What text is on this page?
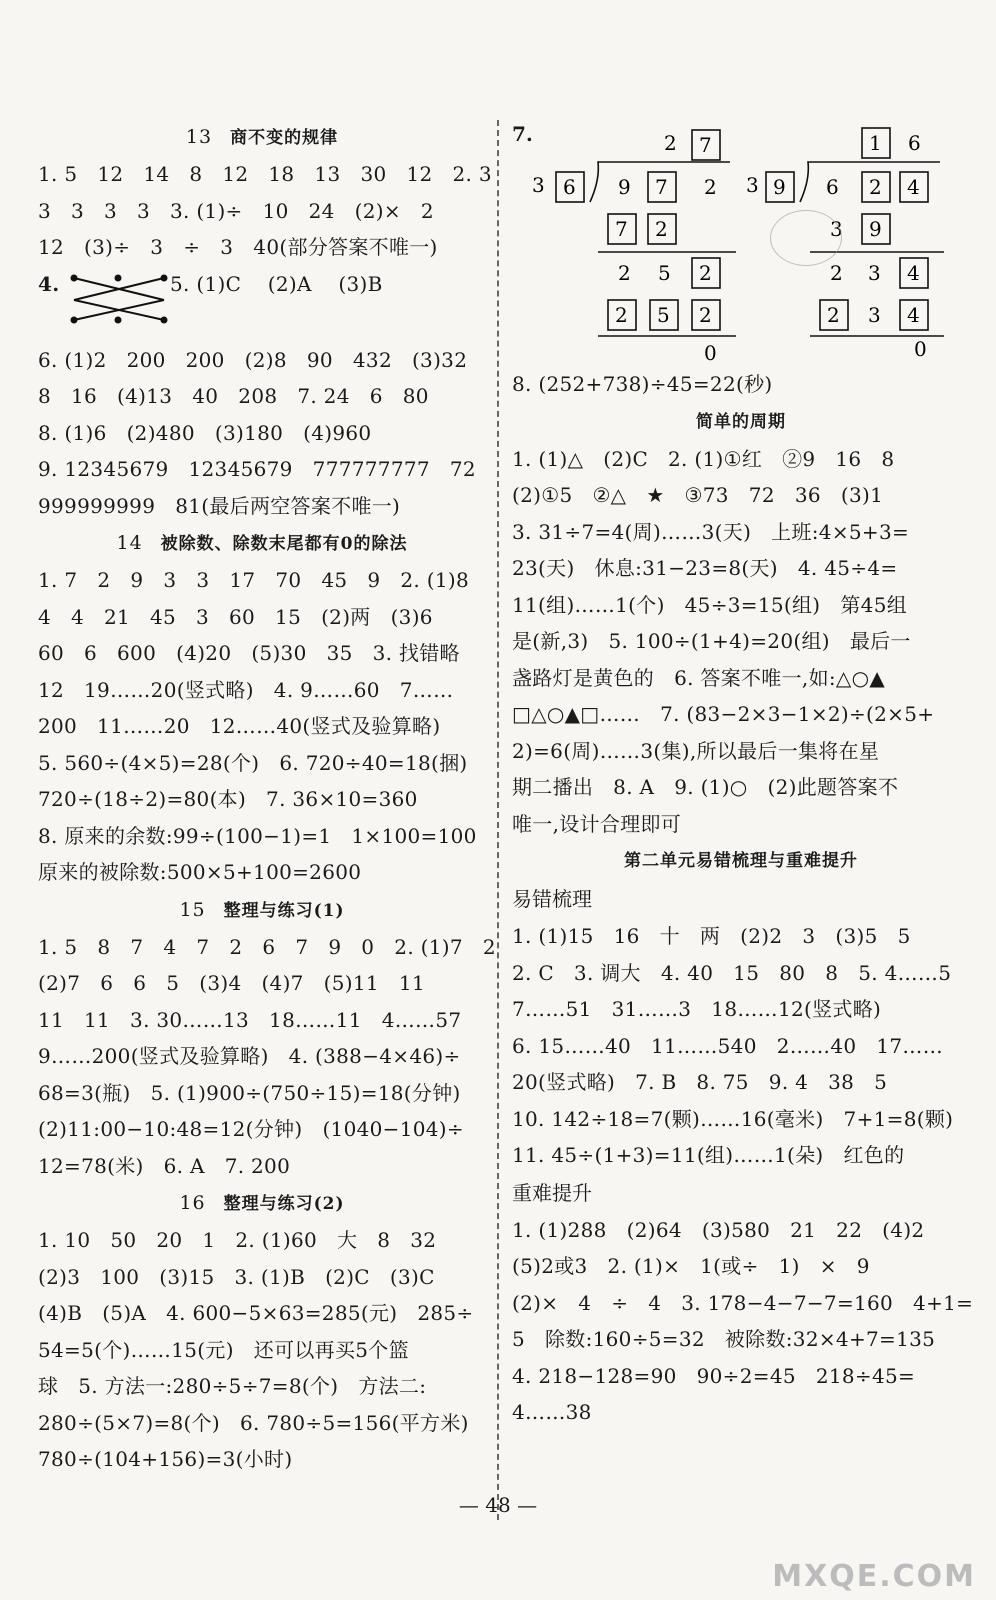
13 商不变的规律
1. 5   12   14   8   12   18   13   30   12   2. 3
3   3   3   3   3. (1)÷   10   24   (2)×   2
12   (3)÷   3   ÷   3   40(部分答案不唯一)

4.

	5. (1)C    (2)A    (3)B

6. (1)2   200   200   (2)8   90   432   (3)32
8   16   (4)13   40   208   7. 24   6   80
8. (1)6   (2)480   (3)180   (4)960
9. 12345679   12345679   777777777   72
999999999   81(最后两空答案不唯一)
14 被除数、除数末尾都有0的除法
1. 7   2   9   3   3   17   70   45   9   2. (1)8
4   4   21   45   3   60   15   (2)两   (3)6
60   6   600   (4)20   (5)30   35   3. 找错略
12   19……20(竖式略)   4. 9……60   7……
200   11……20   12……40(竖式及验算略)
5. 560÷(4×5)=28(个)   6. 720÷40=18(捆)
720÷(18÷2)=80(本)   7. 36×10=360
8. 原来的余数:99÷(100−1)=1   1×100=100
原来的被除数:500×5+100=2600
15 整理与练习(1)
1. 5   8   7   4   7   2   6   7   9   0   2. (1)7   2
(2)7   6   6   5   (3)4   (4)7   (5)11   11
11   11   3. 30……13   18……11   4……57
9……200(竖式及验算略)   4. (388−4×46)÷
68=3(瓶)   5. (1)900÷(750÷15)=18(分钟)
(2)11:00−10:48=12(分钟)   (1040−104)÷
12=78(米)   6. A   7. 200
16 整理与练习(2)
1. 10   50   20   1   2. (1)60   大   8   32
(2)3   100   (3)15   3. (1)B   (2)C   (3)C
(4)B   (5)A   4. 600−5×63=285(元)   285÷
54=5(个)……15(元)   还可以再买5个篮
球   5. 方法一:280÷5÷7=8(个)   方法二:
280÷(5×7)=8(个)   6. 780÷5=156(平方米)
780÷(104+156)=3(小时)
7.	2 7
3 6 9 7 2
7 2
2 5 2
2 5 2
0
1 6
3 9 6 2 4
3 9
2 3 4
2 3 4
0
8. (252+738)÷45=22(秒)
简单的周期
1. (1)△   (2)C   2. (1)①红   ②9   16   8
(2)①5   ②△   ★   ③73   72   36   (3)1
3. 31÷7=4(周)……3(天)   上班:4×5+3=
23(天)   休息:31−23=8(天)   4. 45÷4=
11(组)……1(个)   45÷3=15(组)   第45组
是(新,3)   5. 100÷(1+4)=20(组)   最后一
盏路灯是黄色的   6. 答案不唯一,如:△○▲
□△○▲□……   7. (83−2×3−1×2)÷(2×5+
2)=6(周)……3(集),所以最后一集将在星
期二播出   8. A   9. (1)○   (2)此题答案不
唯一,设计合理即可
第二单元易错梳理与重难提升
易错梳理
1. (1)15   16   十   两   (2)2   3   (3)5   5
2. C   3. 调大   4. 40   15   80   8   5. 4……5
7……51   31……3   18……12(竖式略)
6. 15……40   11……540   2……40   17……
20(竖式略)   7. B   8. 75   9. 4   38   5
10. 142÷18=7(颗)……16(毫米)   7+1=8(颗)
11. 45÷(1+3)=11(组)……1(朵)   红色的
重难提升
1. (1)288   (2)64   (3)580   21   22   (4)2
(5)2或3   2. (1)×   1(或÷   1)   ×   9
(2)×   4   ÷   4   3. 178−4−7−7=160   4+1=
5   除数:160÷5=32   被除数:32×4+7=135
4. 218−128=90   90÷2=45   218÷45=
4……38
— 48 —
MXQE.COM
